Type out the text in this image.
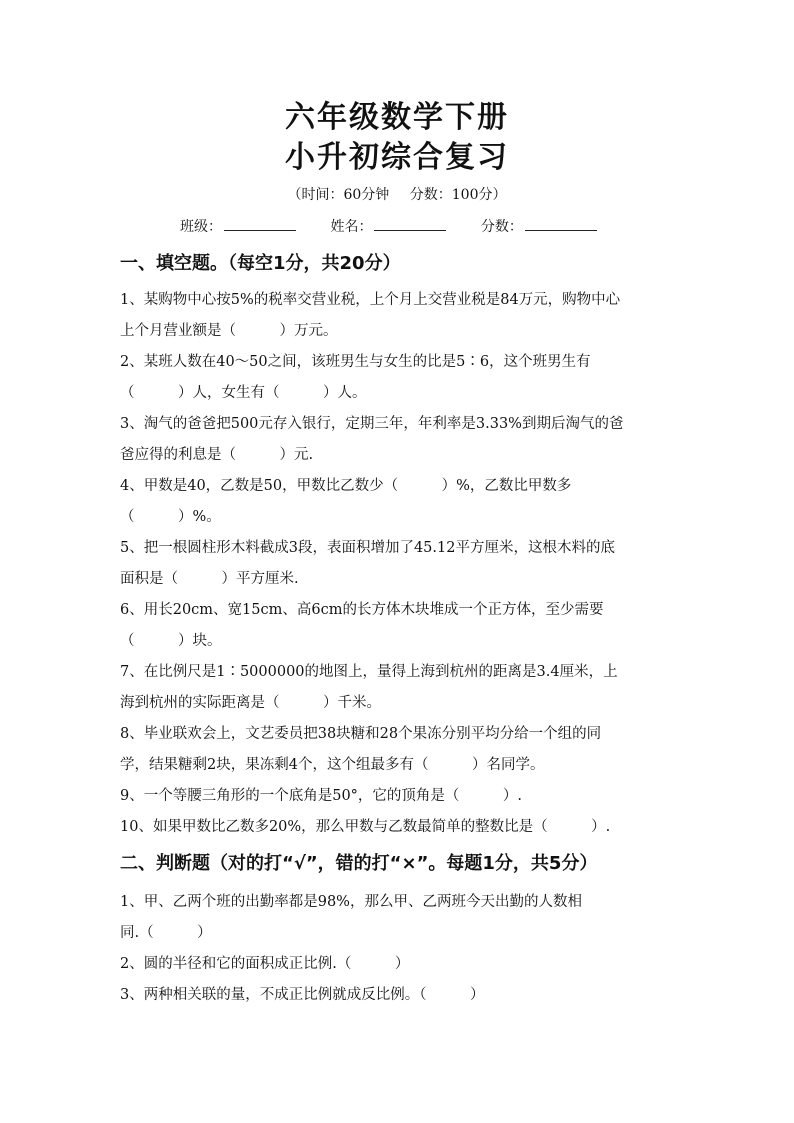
六年级数学下册
小升初综合复习
（时间：60分钟 分数：100分）
班级：	姓名：	分数：
一、填空题。（每空1分，共20分）

1、某购物中心按5%的税率交营业税，上个月上交营业税是84万元，购物中心

上个月营业额是（　　　）万元。

2、某班人数在40～50之间，该班男生与女生的比是5∶6，这个班男生有

（　　　）人，女生有（　　　）人。

3、淘气的爸爸把500元存入银行，定期三年，年利率是3.33%到期后淘气的爸

爸应得的利息是（　　　）元.

4、甲数是40，乙数是50，甲数比乙数少（　　　）%，乙数比甲数多

（　　　）%。

5、把一根圆柱形木料截成3段，表面积增加了45.12平方厘米，这根木料的底

面积是（　　　）平方厘米.

6、用长20cm、宽15cm、高6cm的长方体木块堆成一个正方体，至少需要

（　　　）块。

7、在比例尺是1∶5000000的地图上，量得上海到杭州的距离是3.4厘米，上

海到杭州的实际距离是（　　　）千米。

8、毕业联欢会上，文艺委员把38块糖和28个果冻分别平均分给一个组的同

学，结果糖剩2块，果冻剩4个，这个组最多有（　　　）名同学。

9、一个等腰三角形的一个底角是50°，它的顶角是（　　　）.

10、如果甲数比乙数多20%，那么甲数与乙数最简单的整数比是（　　　）.

二、判断题（对的打“√”，错的打“×”。每题1分，共5分）

1、甲、乙两个班的出勤率都是98%，那么甲、乙两班今天出勤的人数相

同.（　　　）

2、圆的半径和它的面积成正比例.（　　　）

3、两种相关联的量，不成正比例就成反比例。（　　　）
